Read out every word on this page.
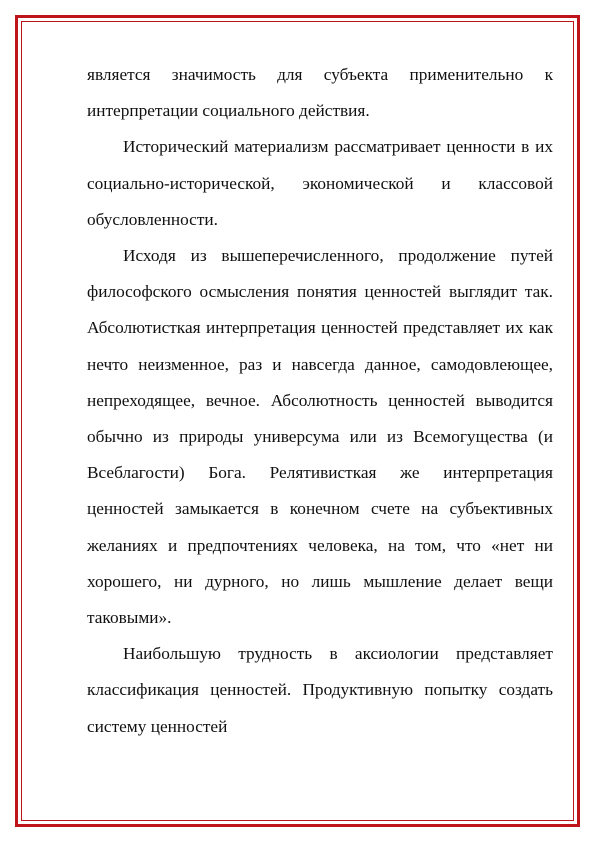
является значимость для субъекта применительно к интерпретации социального действия.

Исторический материализм рассматривает ценности в их социально-исторической, экономической и классовой обусловленности.

Исходя из вышеперечисленного, продолжение путей философского осмысления понятия ценностей выглядит так. Абсолютисткая интерпретация ценностей представляет их как нечто неизменное, раз и навсегда данное, самодовлеющее, непреходящее, вечное. Абсолютность ценностей выводится обычно из природы универсума или из Всемогущества (и Всеблагости) Бога. Релятивисткая же интерпретация ценностей замыкается в конечном счете на субъективных желаниях и предпочтениях человека, на том, что «нет ни хорошего, ни дурного, но лишь мышление делает вещи таковыми».

Наибольшую трудность в аксиологии представляет классификация ценностей. Продуктивную попытку создать систему ценностей
